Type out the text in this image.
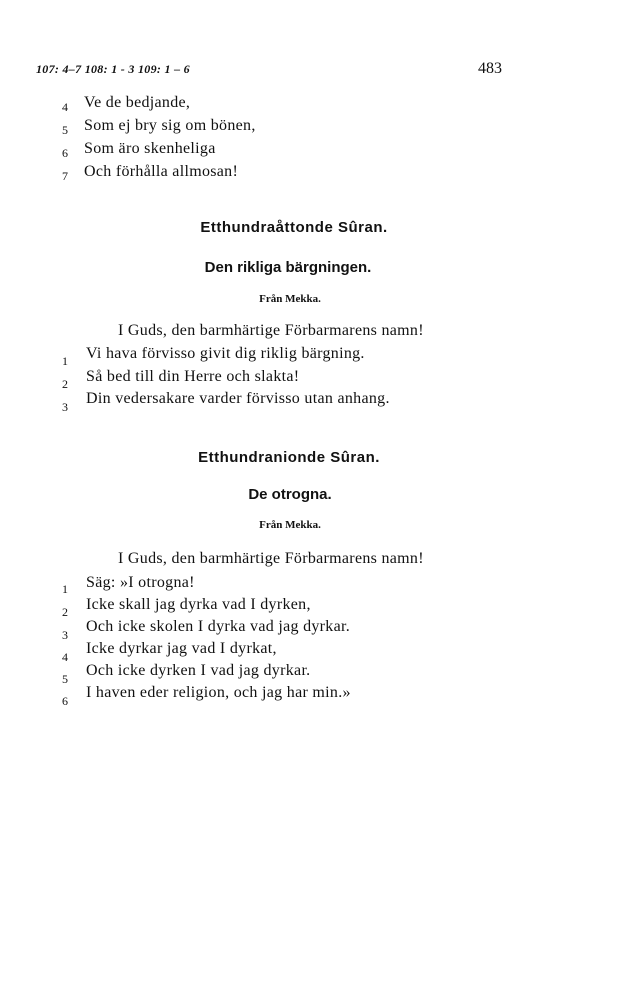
107: 4–7 108: 1 - 3 109: 1 – 6	483
4 Ve de bedjande,
5 Som ej bry sig om bönen,
6 Som äro skenheliga
7 Och förhålla allmosan!
Etthundraåttonde Sûran.
Den rikliga bärgningen.
Från Mekka.
I Guds, den barmhärtige Förbarmarens namn!
1 Vi hava förvisso givit dig riklig bärgning.
2 Så bed till din Herre och slakta!
3 Din vedersakare varder förvisso utan anhang.
Etthundranionde Sûran.
De otrogna.
Från Mekka.
I Guds, den barmhärtige Förbarmarens namn!
1 Säg: »I otrogna!
2 Icke skall jag dyrka vad I dyrken,
3 Och icke skolen I dyrka vad jag dyrkar.
4 Icke dyrkar jag vad I dyrkat,
5 Och icke dyrken I vad jag dyrkar.
6 I haven eder religion, och jag har min.»
